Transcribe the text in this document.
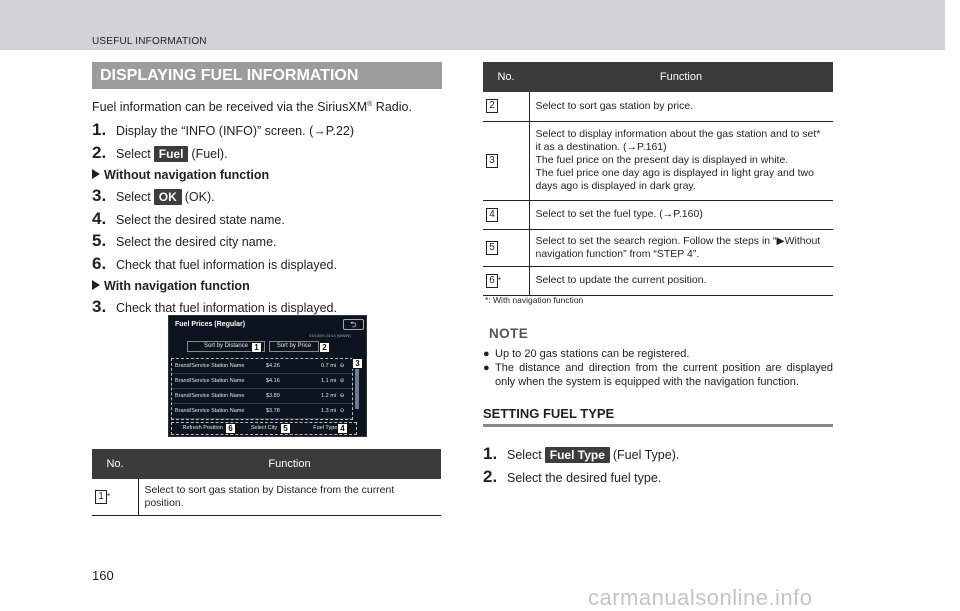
USEFUL INFORMATION
DISPLAYING FUEL INFORMATION
Fuel information can be received via the SiriusXM® Radio.
1. Display the “INFO (INFO)” screen. (→P.22)
2. Select Fuel (Fuel).
Without navigation function
3. Select OK (OK).
4. Select the desired state name.
5. Select the desired city name.
6. Check that fuel information is displayed.
With navigation function
3. Check that fuel information is displayed.
Fuel Prices (Regular)	⮌
03/15/09 23:44 (WWW)
Sort by Distance	Sort by Price
Brand/Service Station Name	$4.26	0.7 mi ⊖
Brand/Service Station Name	$4.16	1.1 mi ⊘
Brand/Service Station Name	$3.80	1.2 mi ⊖
Brand/Service Station Name	$3.78	1.3 mi ⊙
Refresh Position	Select City	Fuel Type
1	2
3
4
5
6
No.	Function
1 *	Select to sort gas station by Distance from the current position.
No.	Function
2	Select to sort gas station by price.
3	Select to display information about the gas station and to set* it as a destination. (→P.161)
The fuel price on the present day is displayed in white.
The fuel price one day ago is displayed in light gray and two days ago is displayed in dark gray.
4	Select to set the fuel type. (→P.160)
5	Select to set the search region. Follow the steps in “▶Without navigation function” from “STEP 4”.
6 *	Select to update the current position.
*: With navigation function
NOTE
● Up to 20 gas stations can be registered.
● The distance and direction from the current position are displayed only when the system is equipped with the navigation function.
SETTING FUEL TYPE
1. Select Fuel Type (Fuel Type).
2. Select the desired fuel type.
160
carmanualsonline.info
